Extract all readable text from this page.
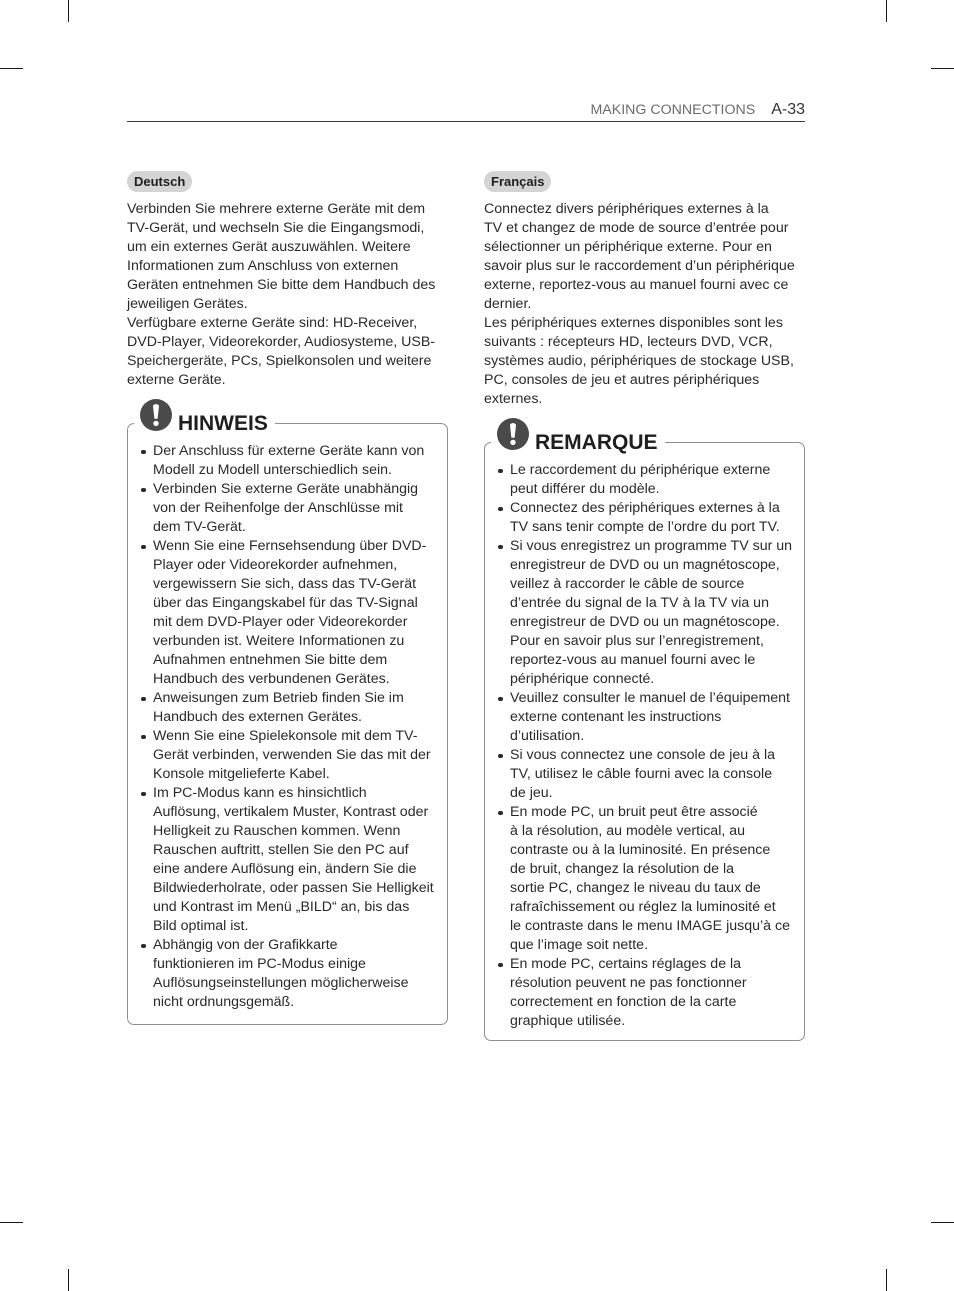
MAKING CONNECTIONS A-33
Deutsch

Verbinden Sie mehrere externe Geräte mit dem
TV-Gerät, und wechseln Sie die Eingangsmodi,
um ein externes Gerät auszuwählen. Weitere
Informationen zum Anschluss von externen
Geräten entnehmen Sie bitte dem Handbuch des
jeweiligen Gerätes.

Verfügbare externe Geräte sind: HD-Receiver,
DVD-Player, Videorekorder, Audiosysteme, USB-
Speichergeräte, PCs, Spielkonsolen und weitere
externe Geräte.

HINWEIS
Der Anschluss für externe Geräte kann von
Modell zu Modell unterschiedlich sein.
Verbinden Sie externe Geräte unabhängig
von der Reihenfolge der Anschlüsse mit
dem TV-Gerät.
Wenn Sie eine Fernsehsendung über DVD-
Player oder Videorekorder aufnehmen,
vergewissern Sie sich, dass das TV-Gerät
über das Eingangskabel für das TV-Signal
mit dem DVD-Player oder Videorekorder
verbunden ist. Weitere Informationen zu
Aufnahmen entnehmen Sie bitte dem
Handbuch des verbundenen Gerätes.
Anweisungen zum Betrieb finden Sie im
Handbuch des externen Gerätes.
Wenn Sie eine Spielekonsole mit dem TV-
Gerät verbinden, verwenden Sie das mit der
Konsole mitgelieferte Kabel.
Im PC-Modus kann es hinsichtlich
Auflösung, vertikalem Muster, Kontrast oder
Helligkeit zu Rauschen kommen. Wenn
Rauschen auftritt, stellen Sie den PC auf
eine andere Auflösung ein, ändern Sie die
Bildwiederholrate, oder passen Sie Helligkeit
und Kontrast im Menü „BILD“ an, bis das
Bild optimal ist.
Abhängig von der Grafikkarte
funktionieren im PC-Modus einige
Auflösungseinstellungen möglicherweise
nicht ordnungsgemäß.
Français

Connectez divers périphériques externes à la
TV et changez de mode de source d’entrée pour
sélectionner un périphérique externe. Pour en
savoir plus sur le raccordement d’un périphérique
externe, reportez-vous au manuel fourni avec ce
dernier.

Les périphériques externes disponibles sont les
suivants : récepteurs HD, lecteurs DVD, VCR,
systèmes audio, périphériques de stockage USB,
PC, consoles de jeu et autres périphériques
externes.

REMARQUE
Le raccordement du périphérique externe
peut différer du modèle.
Connectez des périphériques externes à la
TV sans tenir compte de l’ordre du port TV.
Si vous enregistrez un programme TV sur un
enregistreur de DVD ou un magnétoscope,
veillez à raccorder le câble de source
d’entrée du signal de la TV à la TV via un
enregistreur de DVD ou un magnétoscope.
Pour en savoir plus sur l’enregistrement,
reportez-vous au manuel fourni avec le
périphérique connecté.
Veuillez consulter le manuel de l’équipement
externe contenant les instructions
d’utilisation.
Si vous connectez une console de jeu à la
TV, utilisez le câble fourni avec la console
de jeu.
En mode PC, un bruit peut être associé
à la résolution, au modèle vertical, au
contraste ou à la luminosité. En présence
de bruit, changez la résolution de la
sortie PC, changez le niveau du taux de
rafraîchissement ou réglez la luminosité et
le contraste dans le menu IMAGE jusqu’à ce
que l’image soit nette.
En mode PC, certains réglages de la
résolution peuvent ne pas fonctionner
correctement en fonction de la carte
graphique utilisée.
